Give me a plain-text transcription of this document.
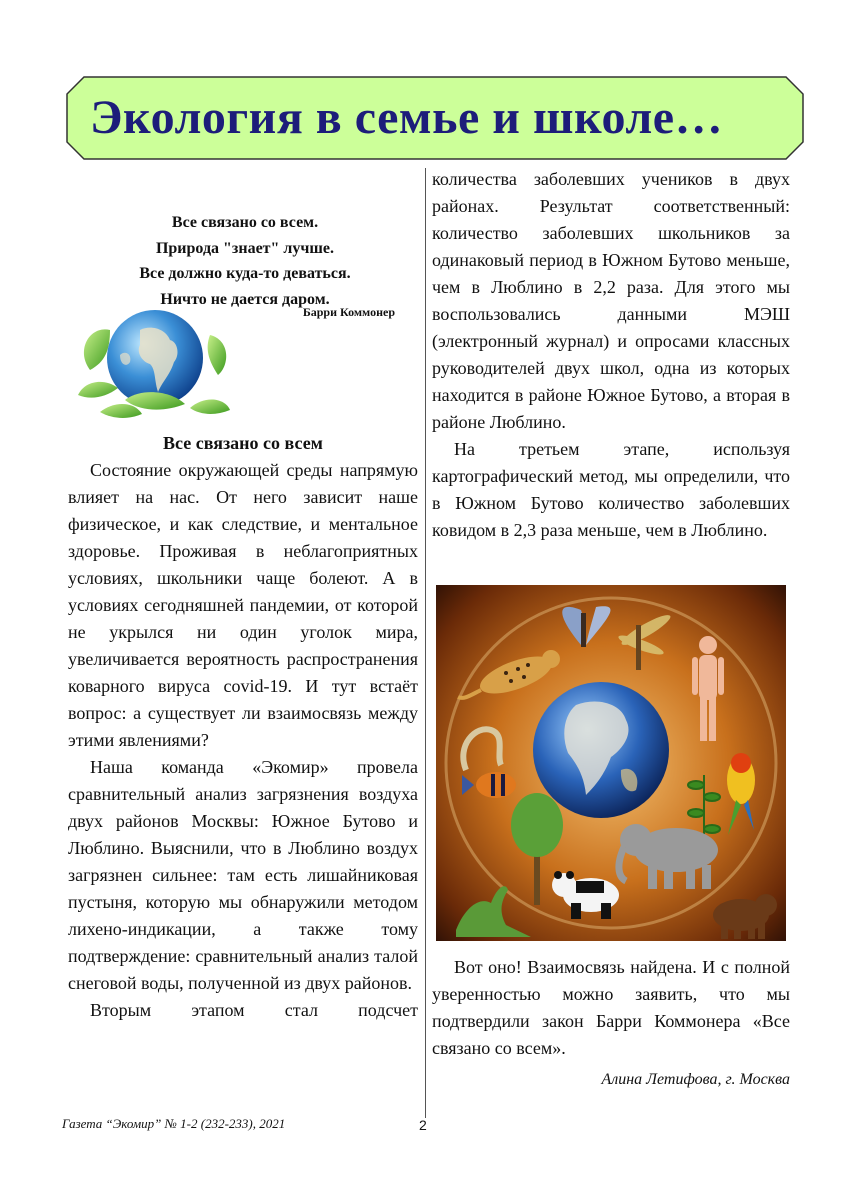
Экология в семье и школе…
Все связано со всем.
Природа "знает" лучше.
Все должно куда-то деваться.
Ничто не дается даром.
Барри Коммонер

Все связано со всем

Состояние окружающей среды напрямую влияет на нас. От него зависит наше физическое, и как следствие, и ментальное здоровье. Проживая в неблагоприятных условиях, школьники чаще болеют. А в условиях сегодняшней пандемии, от которой не укрылся ни один уголок мира, увеличивается вероятность распространения коварного вируса covid-19. И тут встаёт вопрос: а существует ли взаимосвязь между этими явлениями?

Наша команда «Экомир» провела сравнительный анализ загрязнения воздуха двух районов Москвы: Южное Бутово и Люблино. Выяснили, что в Люблино воздух загрязнен сильнее: там есть лишайниковая пустыня, которую мы обнаружили методом лихено-индикации, а также тому подтверждение: сравнительный анализ талой снеговой воды, полученной из двух районов.

Вторым этапом стал подсчет

количества заболевших учеников в двух районах. Результат соответственный: количество заболевших школьников за одинаковый период в Южном Бутово меньше, чем в Люблино в 2,2 раза. Для этого мы воспользовались данными МЭШ (электронный журнал) и опросами классных руководителей двух школ, одна из которых находится в районе Южное Бутово, а вторая в районе Люблино.

На третьем этапе, используя картографический метод, мы определили, что в Южном Бутово количество заболевших ковидом в 2,3 раза меньше, чем в Люблино.

Вот оно! Взаимосвязь найдена. И с полной уверенностью можно заявить, что мы подтвердили закон Барри Коммонера «Все связано со всем».

Алина Летифова, г. Москва
Газета “Экомир” № 1-2 (232-233), 2021	2
